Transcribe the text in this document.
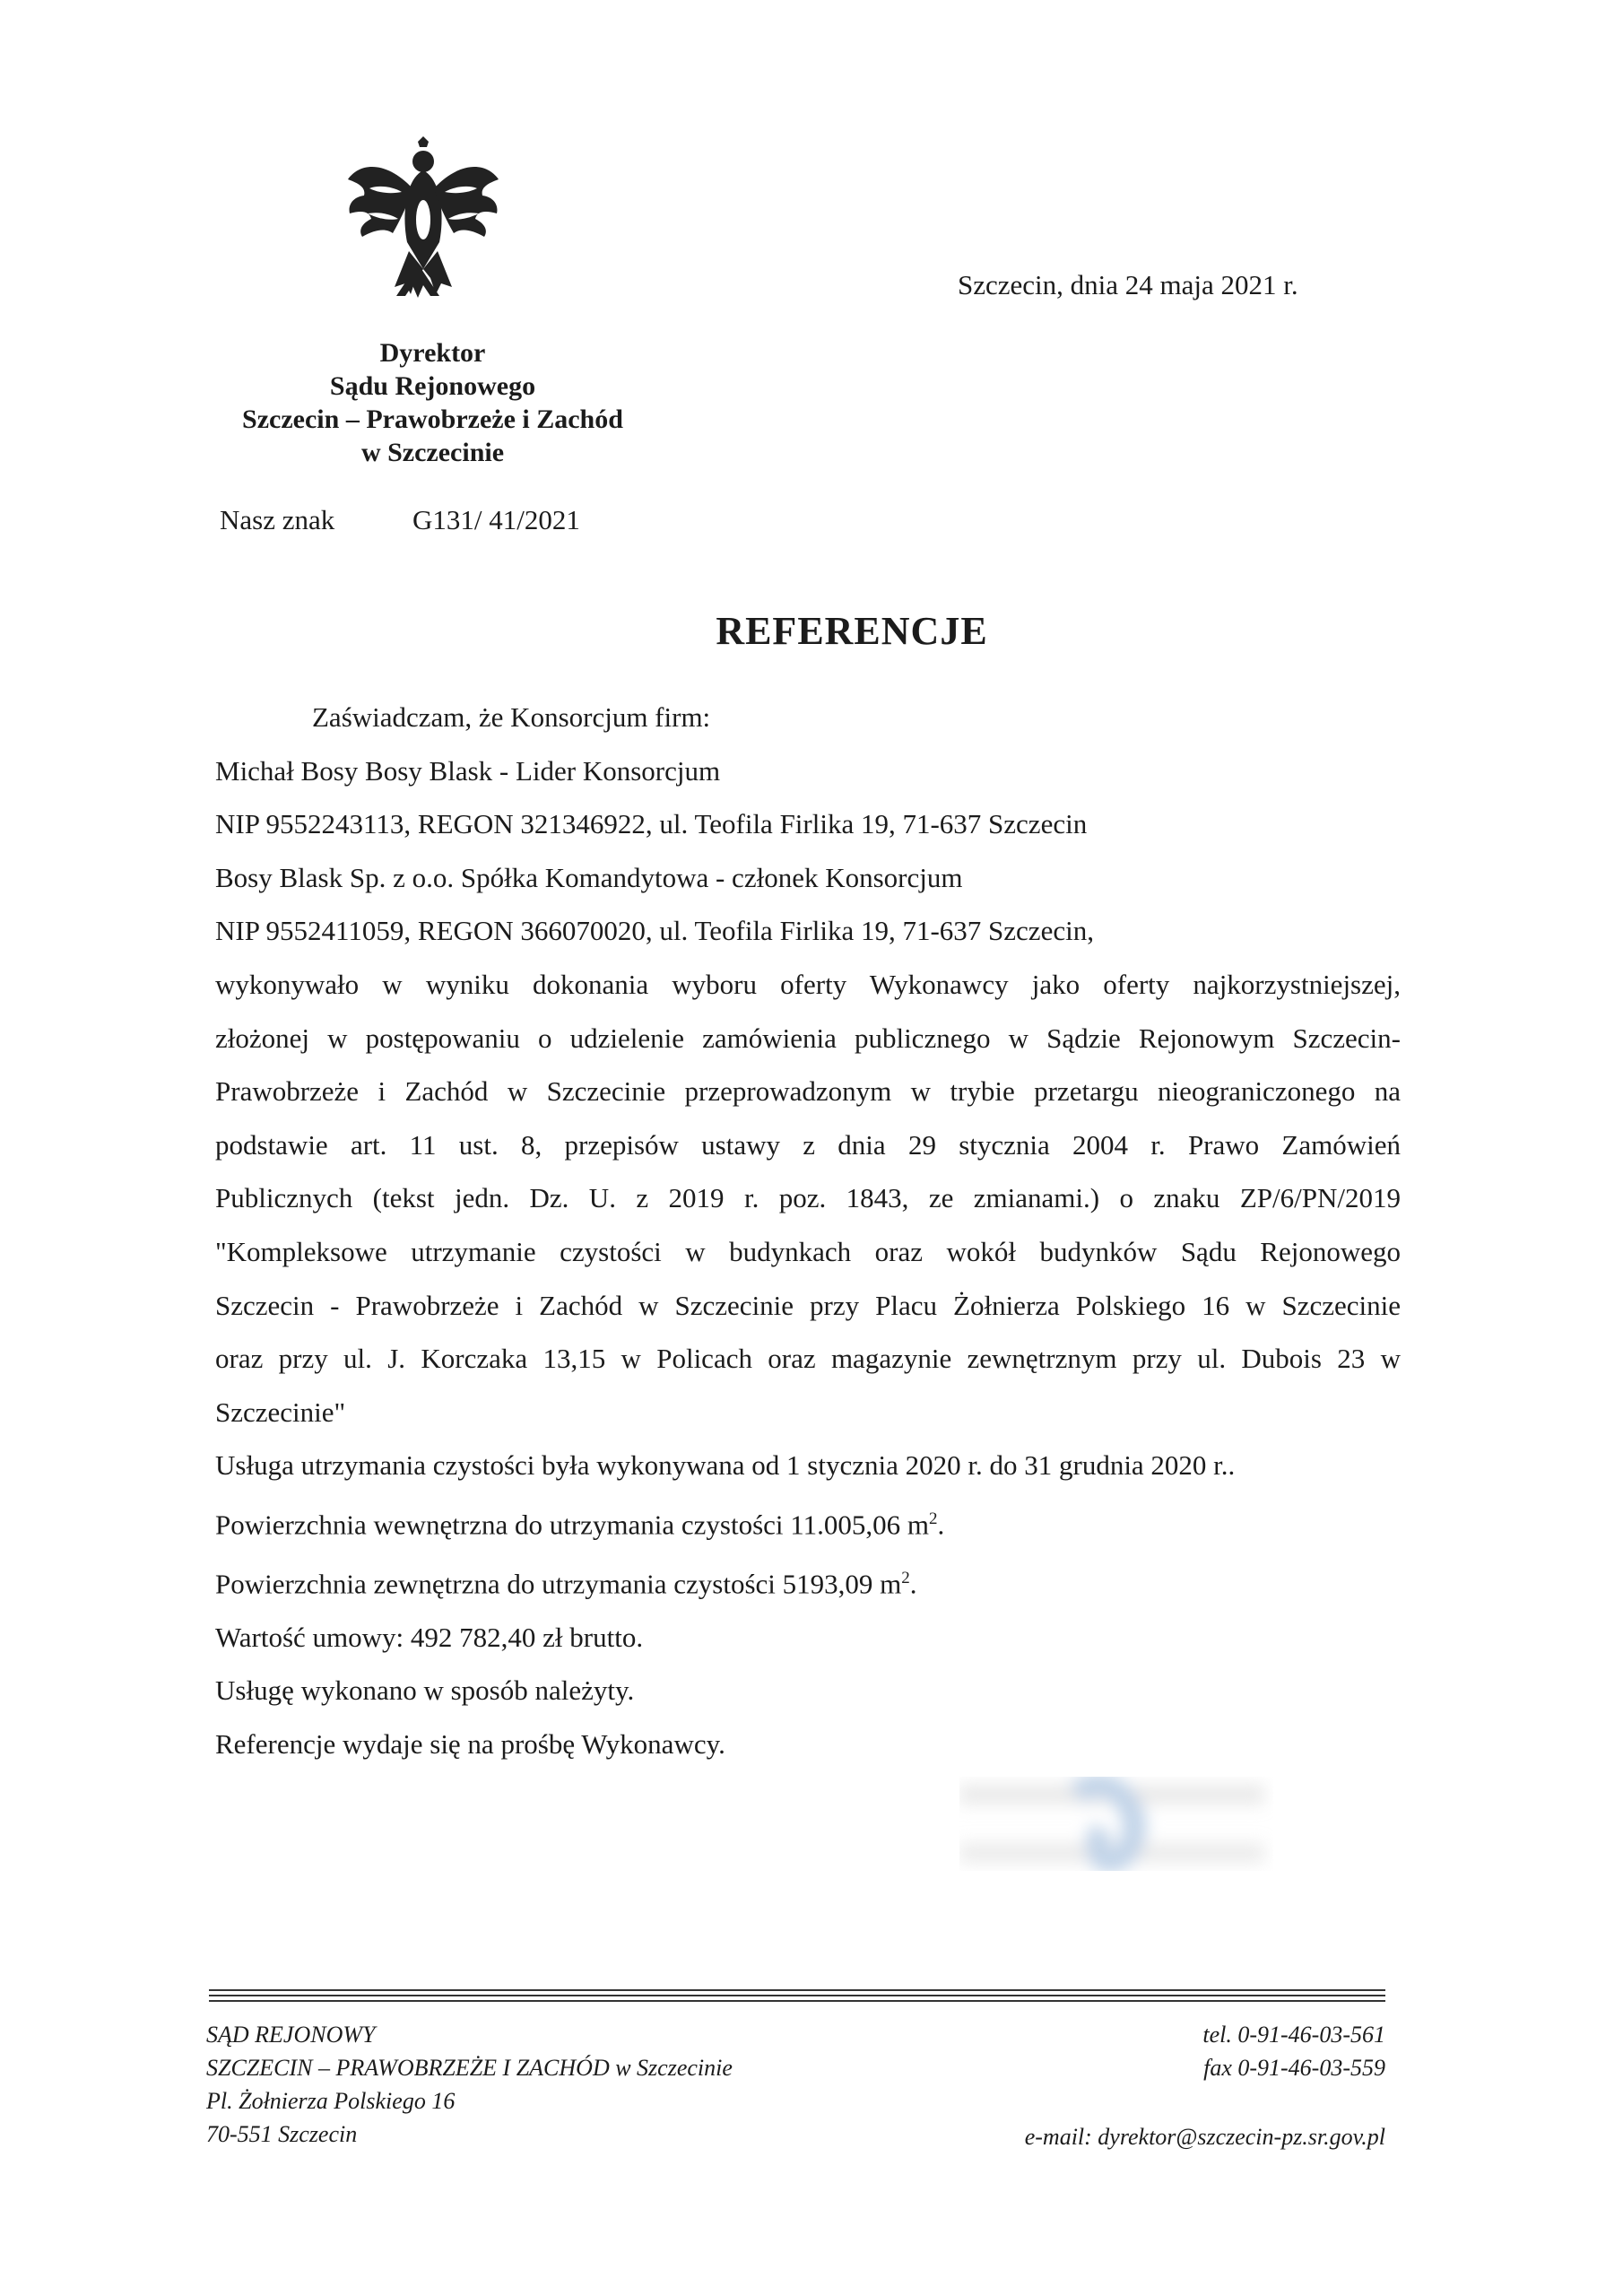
Szczecin, dnia 24 maja 2021 r.
Dyrektor
Sądu Rejonowego
Szczecin – Prawobrzeże i Zachód
w Szczecinie
Nasz znak	G131/ 41/2021
REFERENCJE
Zaświadczam, że Konsorcjum firm:
Michał Bosy Bosy Blask - Lider Konsorcjum
NIP 9552243113, REGON 321346922, ul. Teofila Firlika 19, 71-637 Szczecin
Bosy Blask Sp. z o.o. Spółka Komandytowa - członek Konsorcjum
NIP 9552411059, REGON 366070020, ul. Teofila Firlika 19, 71-637 Szczecin,
wykonywało w wyniku dokonania wyboru oferty Wykonawcy jako oferty najkorzystniejszej,
złożonej w postępowaniu o udzielenie zamówienia publicznego w Sądzie Rejonowym Szczecin-
Prawobrzeże i Zachód w Szczecinie przeprowadzonym w trybie przetargu nieograniczonego na
podstawie art. 11 ust. 8, przepisów ustawy z dnia 29 stycznia 2004 r. Prawo Zamówień
Publicznych (tekst jedn. Dz. U. z 2019 r. poz. 1843, ze zmianami.) o znaku ZP/6/PN/2019
"Kompleksowe utrzymanie czystości w budynkach oraz wokół budynków Sądu Rejonowego
Szczecin - Prawobrzeże i Zachód w Szczecinie przy Placu Żołnierza Polskiego 16 w Szczecinie
oraz przy ul. J. Korczaka 13,15 w Policach oraz magazynie zewnętrznym przy ul. Dubois 23 w
Szczecinie"
Usługa utrzymania czystości była wykonywana od 1 stycznia 2020 r. do 31 grudnia 2020 r..
Powierzchnia wewnętrzna do utrzymania czystości 11.005,06 $m^2$.
Powierzchnia zewnętrzna do utrzymania czystości 5193,09 $m^2$.
Wartość umowy: 492 782,40 zł brutto.
Usługę wykonano w sposób należyty.
Referencje wydaje się na prośbę Wykonawcy.
SĄD REJONOWY
SZCZECIN – PRAWOBRZEŻE I ZACHÓD w Szczecinie
Pl. Żołnierza Polskiego 16
70-551 Szczecin
tel. 0-91-46-03-561
fax 0-91-46-03-559
e-mail: dyrektor@szczecin-pz.sr.gov.pl
